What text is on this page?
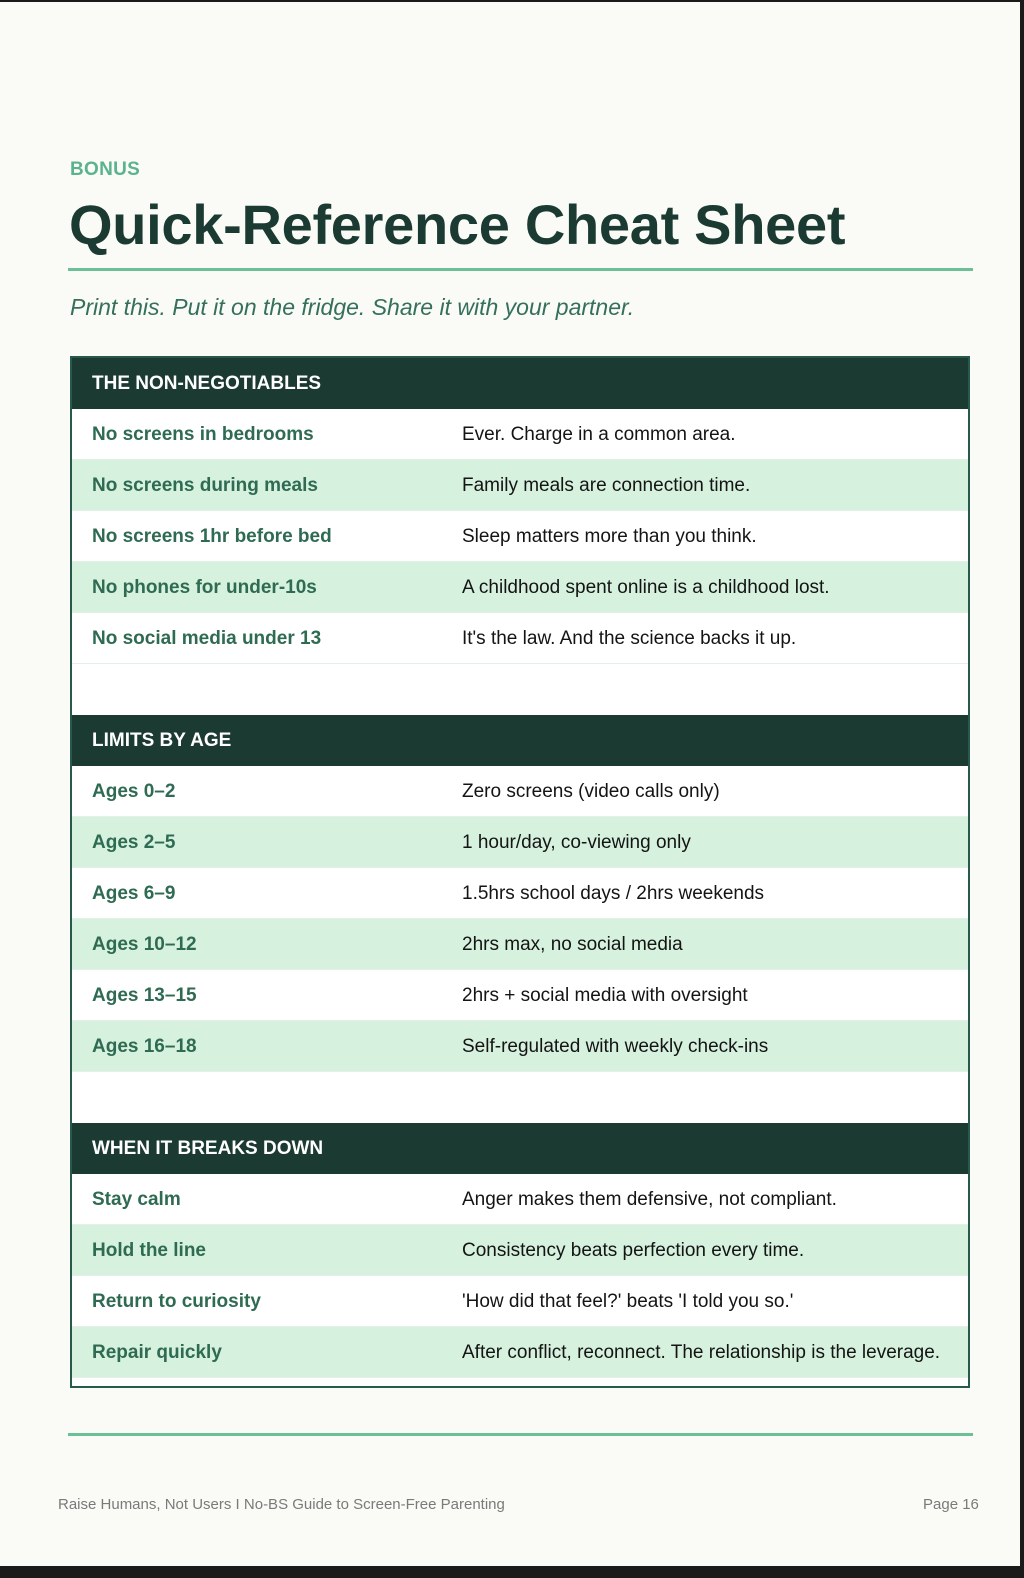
BONUS
Quick-Reference Cheat Sheet
Print this. Put it on the fridge. Share it with your partner.
THE NON-NEGOTIABLES
No screens in bedrooms	Ever. Charge in a common area.
No screens during meals	Family meals are connection time.
No screens 1hr before bed	Sleep matters more than you think.
No phones for under-10s	A childhood spent online is a childhood lost.
No social media under 13	It's the law. And the science backs it up.
LIMITS BY AGE
Ages 0–2	Zero screens (video calls only)
Ages 2–5	1 hour/day, co-viewing only
Ages 6–9	1.5hrs school days / 2hrs weekends
Ages 10–12	2hrs max, no social media
Ages 13–15	2hrs + social media with oversight
Ages 16–18	Self-regulated with weekly check-ins
WHEN IT BREAKS DOWN
Stay calm	Anger makes them defensive, not compliant.
Hold the line	Consistency beats perfection every time.
Return to curiosity	'How did that feel?' beats 'I told you so.'
Repair quickly	After conflict, reconnect. The relationship is the leverage.
Raise Humans, Not Users I No-BS Guide to Screen-Free Parenting	Page 16
